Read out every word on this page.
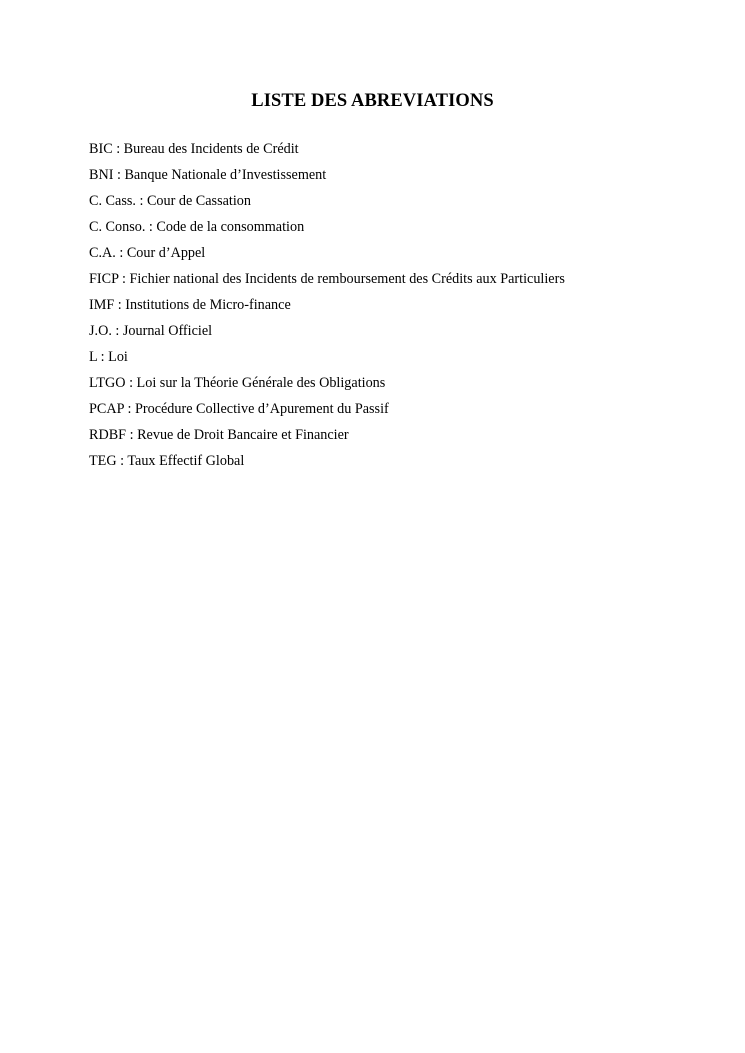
LISTE DES ABREVIATIONS
BIC : Bureau des Incidents de Crédit
BNI : Banque Nationale d’Investissement
C. Cass. : Cour de Cassation
C. Conso. : Code de la consommation
C.A. : Cour d’Appel
FICP : Fichier national des Incidents de remboursement des Crédits aux Particuliers
IMF : Institutions de Micro-finance
J.O. : Journal Officiel
L : Loi
LTGO : Loi sur la Théorie Générale des Obligations
PCAP : Procédure Collective d’Apurement du Passif
RDBF : Revue de Droit Bancaire et Financier
TEG : Taux Effectif Global
